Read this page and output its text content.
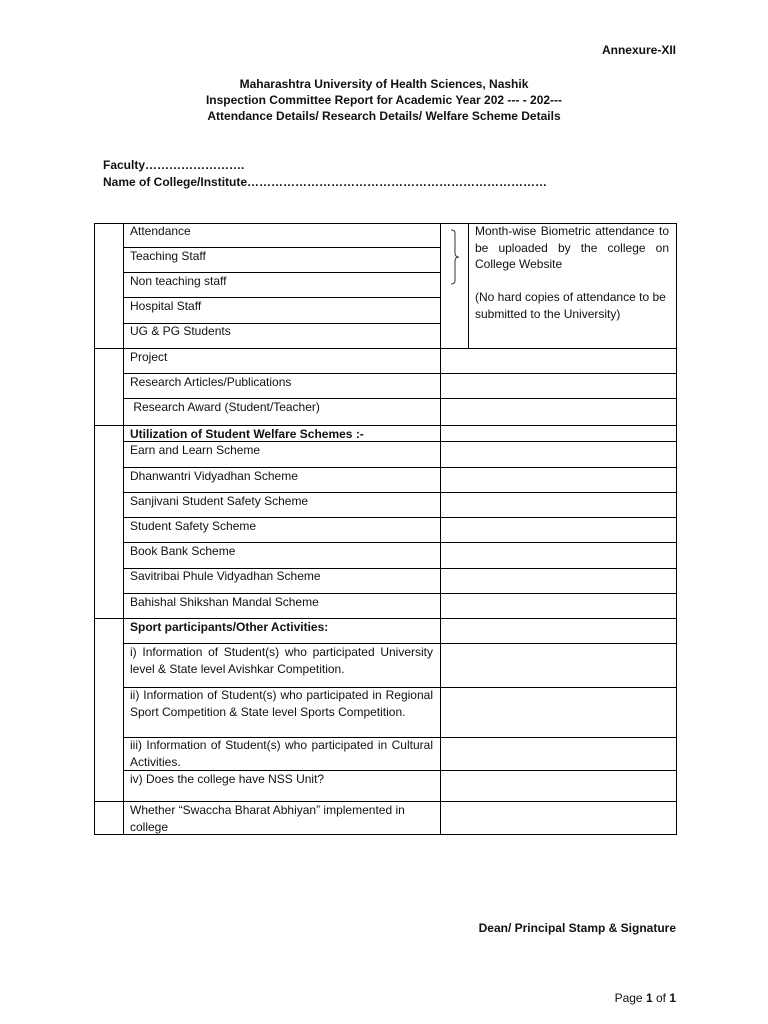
Annexure-XII
Maharashtra University of Health Sciences, Nashik
Inspection Committee Report for Academic Year 202 --- - 202---
Attendance Details/ Research Details/ Welfare Scheme Details
Faculty…………………….
Name of College/Institute…………………………………………………………………
Attendance
Teaching Staff
Non teaching staff
Hospital Staff
UG & PG Students
Month-wise Biometric attendance to be uploaded by the college on College Website
(No hard copies of attendance to be submitted to the University)
Project
Research Articles/Publications
Research Award (Student/Teacher)
Utilization of Student Welfare Schemes :-
Earn and Learn Scheme
Dhanwantri Vidyadhan Scheme
Sanjivani Student Safety Scheme
Student Safety Scheme
Book Bank Scheme
Savitribai Phule Vidyadhan Scheme
Bahishal Shikshan Mandal Scheme
Sport participants/Other Activities:
i) Information of Student(s) who participated University level & State level Avishkar Competition.
ii) Information of Student(s) who participated in Regional Sport Competition & State level Sports Competition.
iii) Information of Student(s) who participated in Cultural Activities.
iv) Does the college have NSS Unit?
Whether “Swaccha Bharat Abhiyan” implemented in college
Dean/ Principal Stamp & Signature
Page 1 of 1
